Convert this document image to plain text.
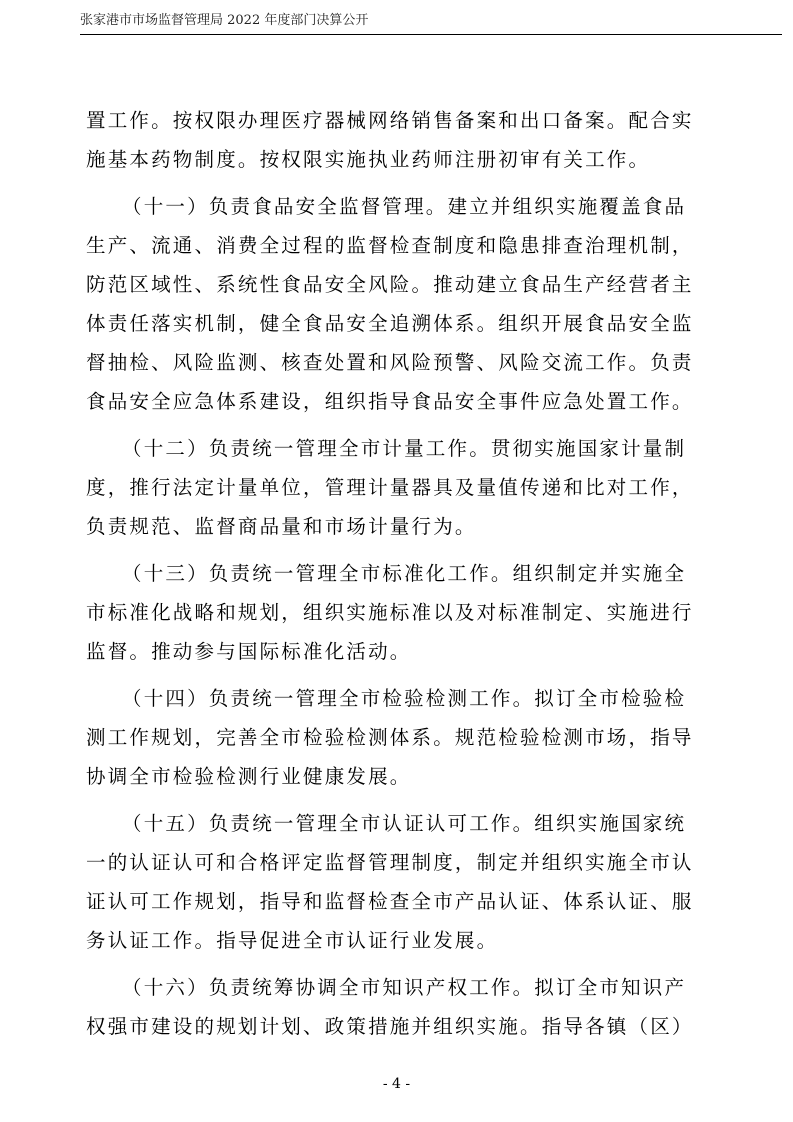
张家港市市场监督管理局 2022 年度部门决算公开
置工作。按权限办理医疗器械网络销售备案和出口备案。配合实
施基本药物制度。按权限实施执业药师注册初审有关工作。
（十一）负责食品安全监督管理。建立并组织实施覆盖食品
生产、流通、消费全过程的监督检查制度和隐患排查治理机制，
防范区域性、系统性食品安全风险。推动建立食品生产经营者主
体责任落实机制，健全食品安全追溯体系。组织开展食品安全监
督抽检、风险监测、核查处置和风险预警、风险交流工作。负责
食品安全应急体系建设，组织指导食品安全事件应急处置工作。
（十二）负责统一管理全市计量工作。贯彻实施国家计量制
度，推行法定计量单位，管理计量器具及量值传递和比对工作，
负责规范、监督商品量和市场计量行为。
（十三）负责统一管理全市标准化工作。组织制定并实施全
市标准化战略和规划，组织实施标准以及对标准制定、实施进行
监督。推动参与国际标准化活动。
（十四）负责统一管理全市检验检测工作。拟订全市检验检
测工作规划，完善全市检验检测体系。规范检验检测市场，指导
协调全市检验检测行业健康发展。
（十五）负责统一管理全市认证认可工作。组织实施国家统
一的认证认可和合格评定监督管理制度，制定并组织实施全市认
证认可工作规划，指导和监督检查全市产品认证、体系认证、服
务认证工作。指导促进全市认证行业发展。
（十六）负责统筹协调全市知识产权工作。拟订全市知识产
权强市建设的规划计划、政策措施并组织实施。指导各镇（区）
- 4 -
